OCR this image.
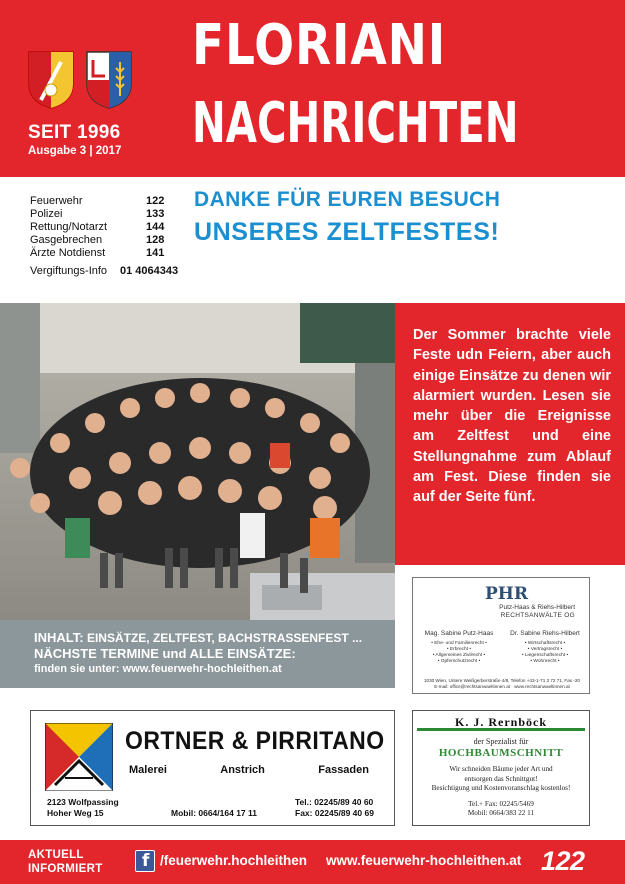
SEIT 1996
Ausgabe 3 | 2017
FLORIANI
NACHRICHTEN
Feuerwehr	122
Polizei	133
Rettung/Notarzt	144
Gasgebrechen	128
Ärzte Notdienst	141
Vergiftungs-Info 01 4064343
DANKE FÜR EUREN BESUCH
UNSERES ZELTFESTES!

Der Sommer brachte viele Feste udn Feiern, aber auch einige Einsätze zu denen wir alarmiert wurden. Lesen sie mehr über die Ereignisse am Zeltfest und eine Stellungnahme zum Ablauf am Fest. Diese finden sie auf der Seite fünf.

INHALT: EINSÄTZE, ZELTFEST, BACHSTRASSENFEST ...
NÄCHSTE TERMINE und ALLE EINSÄTZE:
finden sie unter: www.feuerwehr-hochleithen.at
PHR
Putz-Haas & Riehs-Hilbert
RECHTSANWÄLTE OG
Mag. Sabine Putz-Haas
• Ehe- und Familienrecht •
• Erbrecht •
• Allgemeines Zivilrecht •
• Opferschutzrecht •
Dr. Sabine Riehs-Hilbert
• Wirtschaftsrecht •
• Vertragsrecht •
• Liegenschaftsrecht •
• Wohnrecht •
1030 Wien, Untere Weißgerberstraße 4/8, Telefon +43-1-71 3 72 71, Fax -20
E-mail: office@rechtsanwaeltinnen.at · www.rechtsanwaeltinnen.at
ORTNER & PIRRITANO
Malerei	Anstrich	Fassaden
2123 Wolfpassing
Hoher Weg 15	Mobil: 0664/164 17 11
Tel.: 02245/89 40 60
Fax: 02245/89 40 69
K. J. Rernböck
der Spezialist für
HOCHBAUMSCHNITT
Wir schneiden Bäume jeder Art und
entsorgen das Schnittgut!
Besichtigung und Kostenvoranschlag kostenlos!
Tel.+ Fax: 02245/5469
Mobil: 0664/383 22 11
AKTUELL
INFORMIERT f /feuerwehr.hochleithen www.feuerwehr-hochleithen.at 122
